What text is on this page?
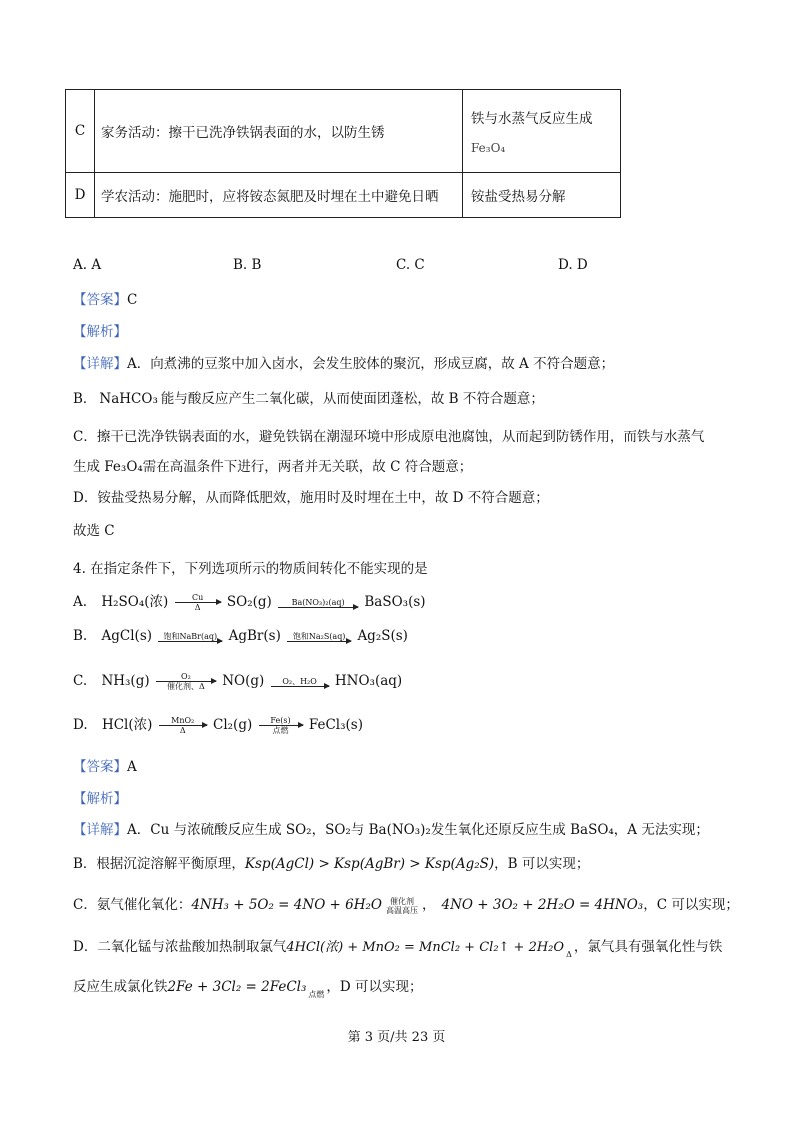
C	家务活动：擦干已洗净铁锅表面的水，以防生锈	铁与水蒸气反应生成
Fe₃O₄

D	学农活动：施肥时，应将铵态氮肥及时埋在土中避免日晒	铵盐受热易分解
A. A	B. B	C. C	D. D
【答案】C
【解析】
【详解】A．向煮沸的豆浆中加入卤水，会发生胶体的聚沉，形成豆腐，故 A 不符合题意；
B． NaHCO₃ 能与酸反应产生二氧化碳，从而使面团蓬松，故 B 不符合题意；
C．擦干已洗净铁锅表面的水，避免铁锅在潮湿环境中形成原电池腐蚀，从而起到防锈作用，而铁与水蒸气
生成 Fe₃O₄需在高温条件下进行，两者并无关联，故 C 符合题意；
D．铵盐受热易分解，从而降低肥效，施用时及时埋在土中，故 D 不符合题意；
故选 C
4. 在指定条件下，下列选项所示的物质间转化不能实现的是
A. H₂SO₄(浓) $\frac{Cu}{\Delta} SO_2(g)$	Ba(NO₃)₂(aq)	BaSO₃(s)
B. AgCl(s)	饱和NaBr(aq) AgBr(s)	饱和Na₂S(aq) Ag₂S(s)
C. NH₃(g)	O₂
催化剂、Δ	NO(g)	O₂、H₂O	HNO₃(aq)
D. HCl(浓)	MnO₂
Δ	Cl₂(g)	Fe(s)
点燃	FeCl₃(s)
【答案】A
【解析】
【详解】A．Cu 与浓硫酸反应生成 SO₂，SO₂与 Ba(NO₃)₂发生氧化还原反应生成 BaSO₄，A 无法实现；
B．根据沉淀溶解平衡原理，Ksp(AgCl) > Ksp(AgBr) > Ksp(Ag₂S)，B 可以实现；
C．氨气催化氧化：4NH₃ + 5O₂ = 4NO + 6H₂O	催化剂
高温高压 ， 4NO + 3O₂ + 2H₂O = 4HNO₃，C 可以实现；
D．二氧化锰与浓盐酸加热制取氯气4HCl(浓) + MnO₂ = MnCl₂ + Cl₂↑ + 2H₂O $_\Delta$ ，氯气具有强氧化性与铁
反应生成氯化铁2Fe + 3Cl₂ = 2FeCl₃ $_{点燃}$ ，D 可以实现；
第 3 页/共 23 页
